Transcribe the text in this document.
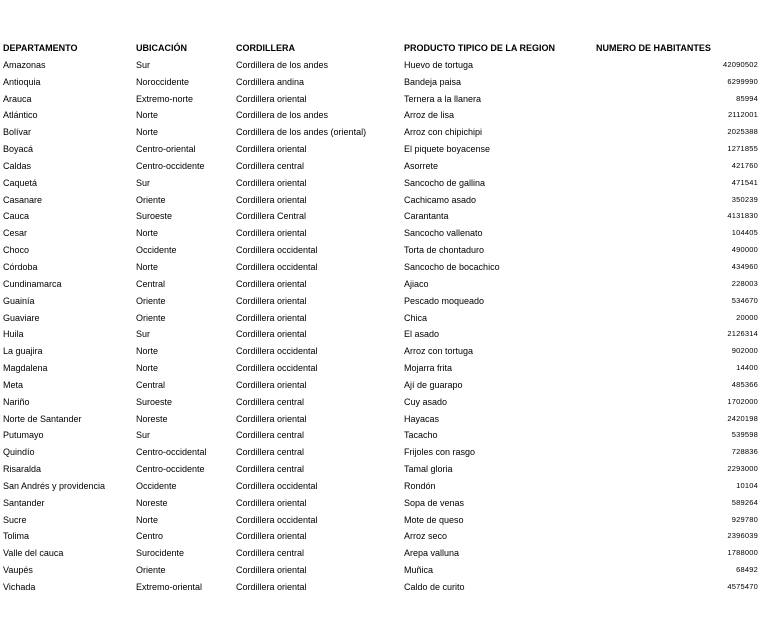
DEPARTAMENTO	UBICACIÓN	CORDILLERA	PRODUCTO TIPICO DE LA REGION	NUMERO DE HABITANTES
Amazonas	Sur	Cordillera de los andes	Huevo de tortuga	42090502
Antioquia	Noroccidente	Cordillera andina	Bandeja paisa	6299990
Arauca	Extremo-norte	Cordillera oriental	Ternera a la llanera	85994
Atlántico	Norte	Cordillera de los andes	Arroz de lisa	2112001
Bolívar	Norte	Cordillera de los andes (oriental)	Arroz con chipichipi	2025388
Boyacá	Centro-oriental	Cordillera oriental	El piquete boyacense	1271855
Caldas	Centro-occidente	Cordillera central	Asorrete	421760
Caquetá	Sur	Cordillera oriental	Sancocho de gallina	471541
Casanare	Oriente	Cordillera oriental	Cachicamo asado	350239
Cauca	Suroeste	Cordillera Central	Carantanta	4131830
Cesar	Norte	Cordillera oriental	Sancocho vallenato	104405
Choco	Occidente	Cordillera occidental	Torta de chontaduro	490000
Córdoba	Norte	Cordillera occidental	Sancocho de bocachico	434960
Cundinamarca	Central	Cordillera oriental	Ajiaco	228003
Guainía	Oriente	Cordillera oriental	Pescado moqueado	534670
Guaviare	Oriente	Cordillera oriental	Chica	20000
Huila	Sur	Cordillera oriental	El asado	2126314
La guajira	Norte	Cordillera occidental	Arroz con tortuga	902000
Magdalena	Norte	Cordillera occidental	Mojarra frita	14400
Meta	Central	Cordillera oriental	Ají de guarapo	485366
Nariño	Suroeste	Cordillera central	Cuy asado	1702000
Norte de Santander	Noreste	Cordillera oriental	Hayacas	2420198
Putumayo	Sur	Cordillera central	Tacacho	539598
Quindío	Centro-occidental	Cordillera central	Frijoles con rasgo	728836
Risaralda	Centro-occidente	Cordillera central	Tamal gloria	2293000
San Andrés y providencia	Occidente	Cordillera occidental	Rondón	10104
Santander	Noreste	Cordillera oriental	Sopa de venas	589264
Sucre	Norte	Cordillera occidental	Mote de queso	929780
Tolima	Centro	Cordillera oriental	Arroz seco	2396039
Valle del cauca	Surocidente	Cordillera central	Arepa valluna	1788000
Vaupés	Oriente	Cordillera oriental	Muñica	68492
Vichada	Extremo-oriental	Cordillera oriental	Caldo de curito	4575470
